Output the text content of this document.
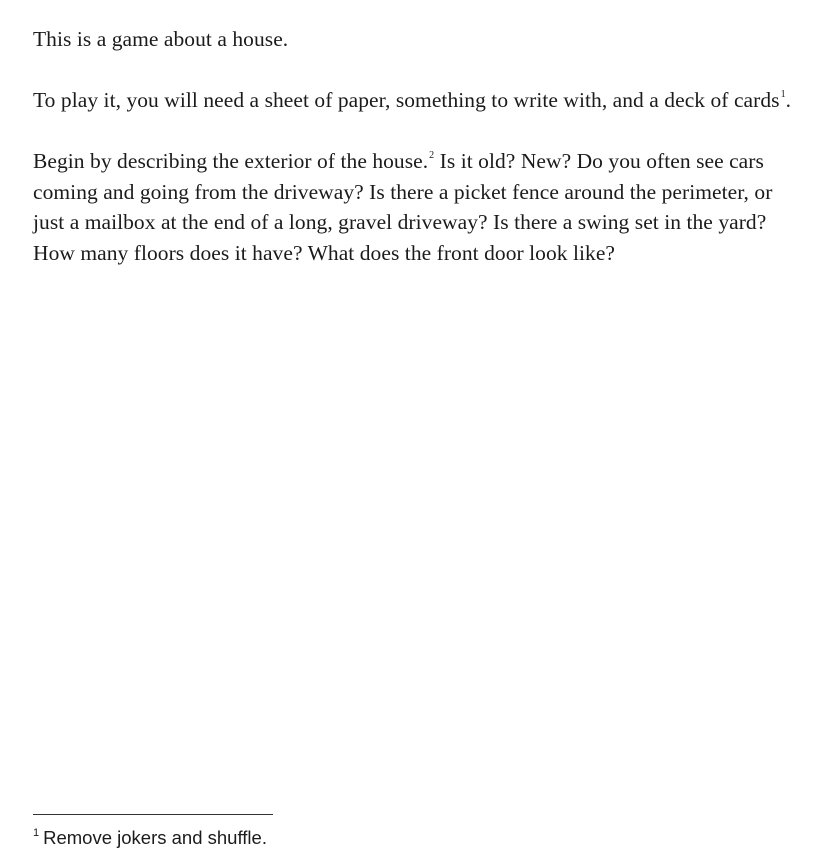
This is a game about a house.

To play it, you will need a sheet of paper, something to write with, and a deck of cards$^1$.

Begin by describing the exterior of the house.$^2$ Is it old? New? Do you often see cars coming and going from the driveway? Is there a picket fence around the perimeter, or just a mailbox at the end of a long, gravel driveway? Is there a swing set in the yard? How many floors does it have? What does the front door look like?

$^1$ Remove jokers and shuffle.
